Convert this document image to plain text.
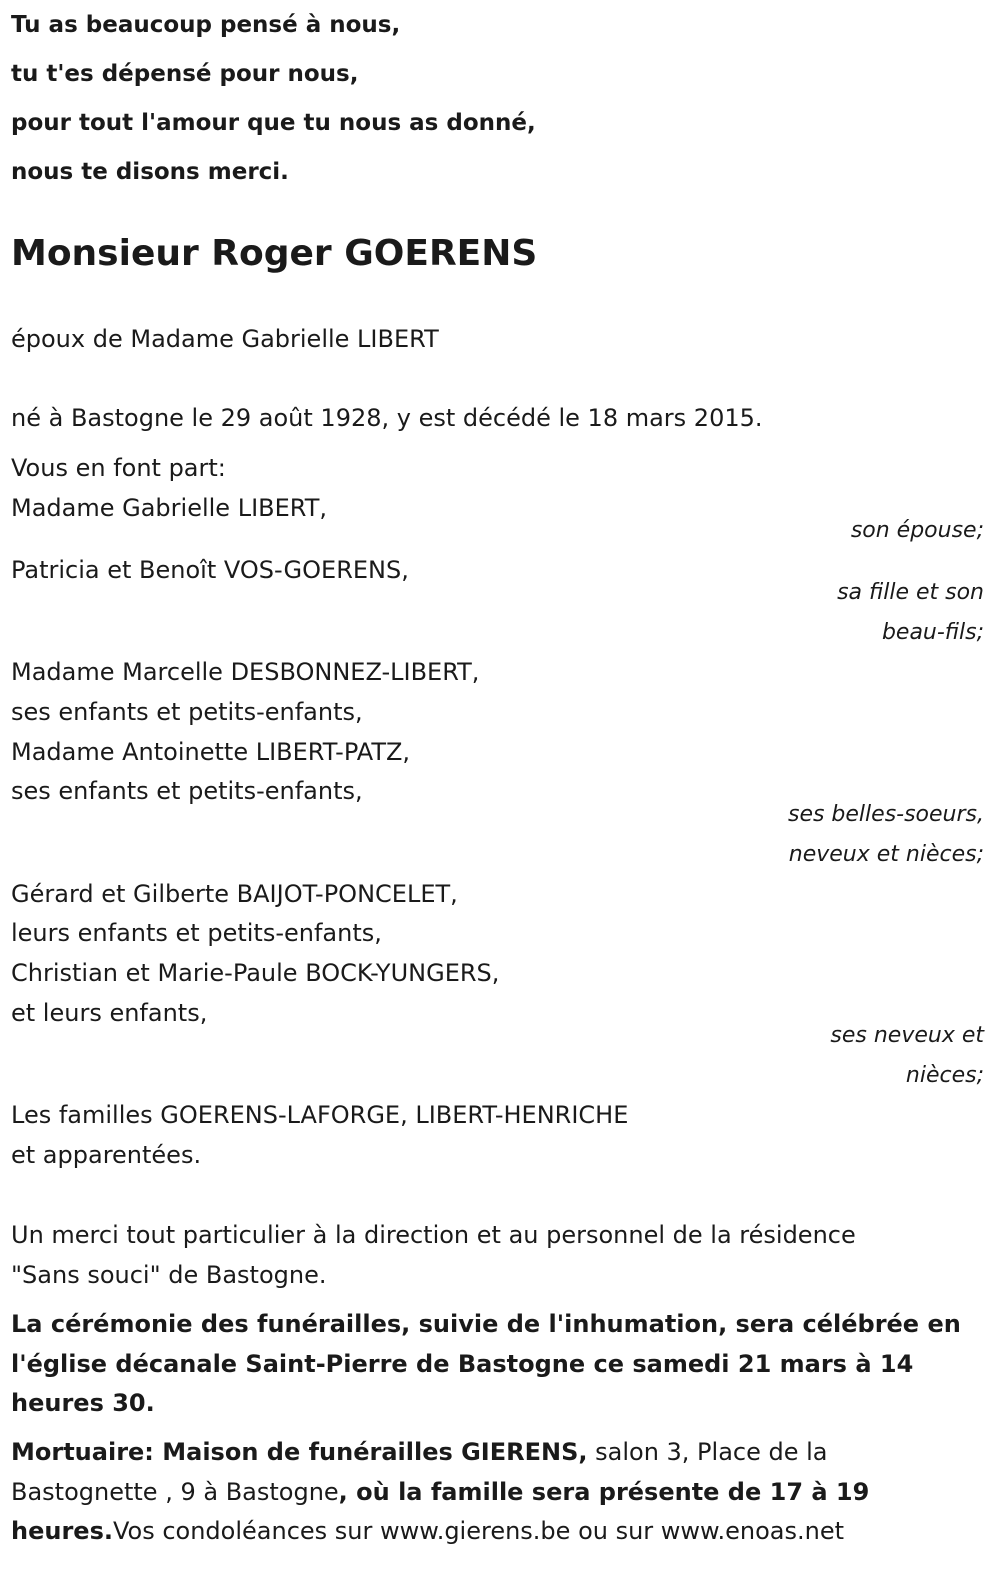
Tu as beaucoup pensé à nous,
tu t'es dépensé pour nous,
pour tout l'amour que tu nous as donné,
nous te disons merci.
Monsieur Roger GOERENS
époux de Madame Gabrielle LIBERT
né à Bastogne le 29 août 1928, y est décédé le 18 mars 2015.
Vous en font part:
Madame Gabrielle LIBERT,
son épouse;
Patricia et Benoît VOS-GOERENS,
sa fille et son
beau-fils;
Madame Marcelle DESBONNEZ-LIBERT,
ses enfants et petits-enfants,
Madame Antoinette LIBERT-PATZ,
ses enfants et petits-enfants,
ses belles-soeurs,
neveux et nièces;
Gérard et Gilberte BAIJOT-PONCELET,
leurs enfants et petits-enfants,
Christian et Marie-Paule BOCK-YUNGERS,
et leurs enfants,
ses neveux et
nièces;
Les familles GOERENS-LAFORGE, LIBERT-HENRICHE
et apparentées.
Un merci tout particulier à la direction et au personnel de la résidence
"Sans souci" de Bastogne.
La cérémonie des funérailles, suivie de l'inhumation, sera célébrée en
l'église décanale Saint-Pierre de Bastogne ce samedi 21 mars à 14
heures 30.
Mortuaire: Maison de funérailles GIERENS, salon 3, Place de la
Bastognette , 9 à Bastogne, où la famille sera présente de 17 à 19
heures.Vos condoléances sur www.gierens.be ou sur www.enoas.net
